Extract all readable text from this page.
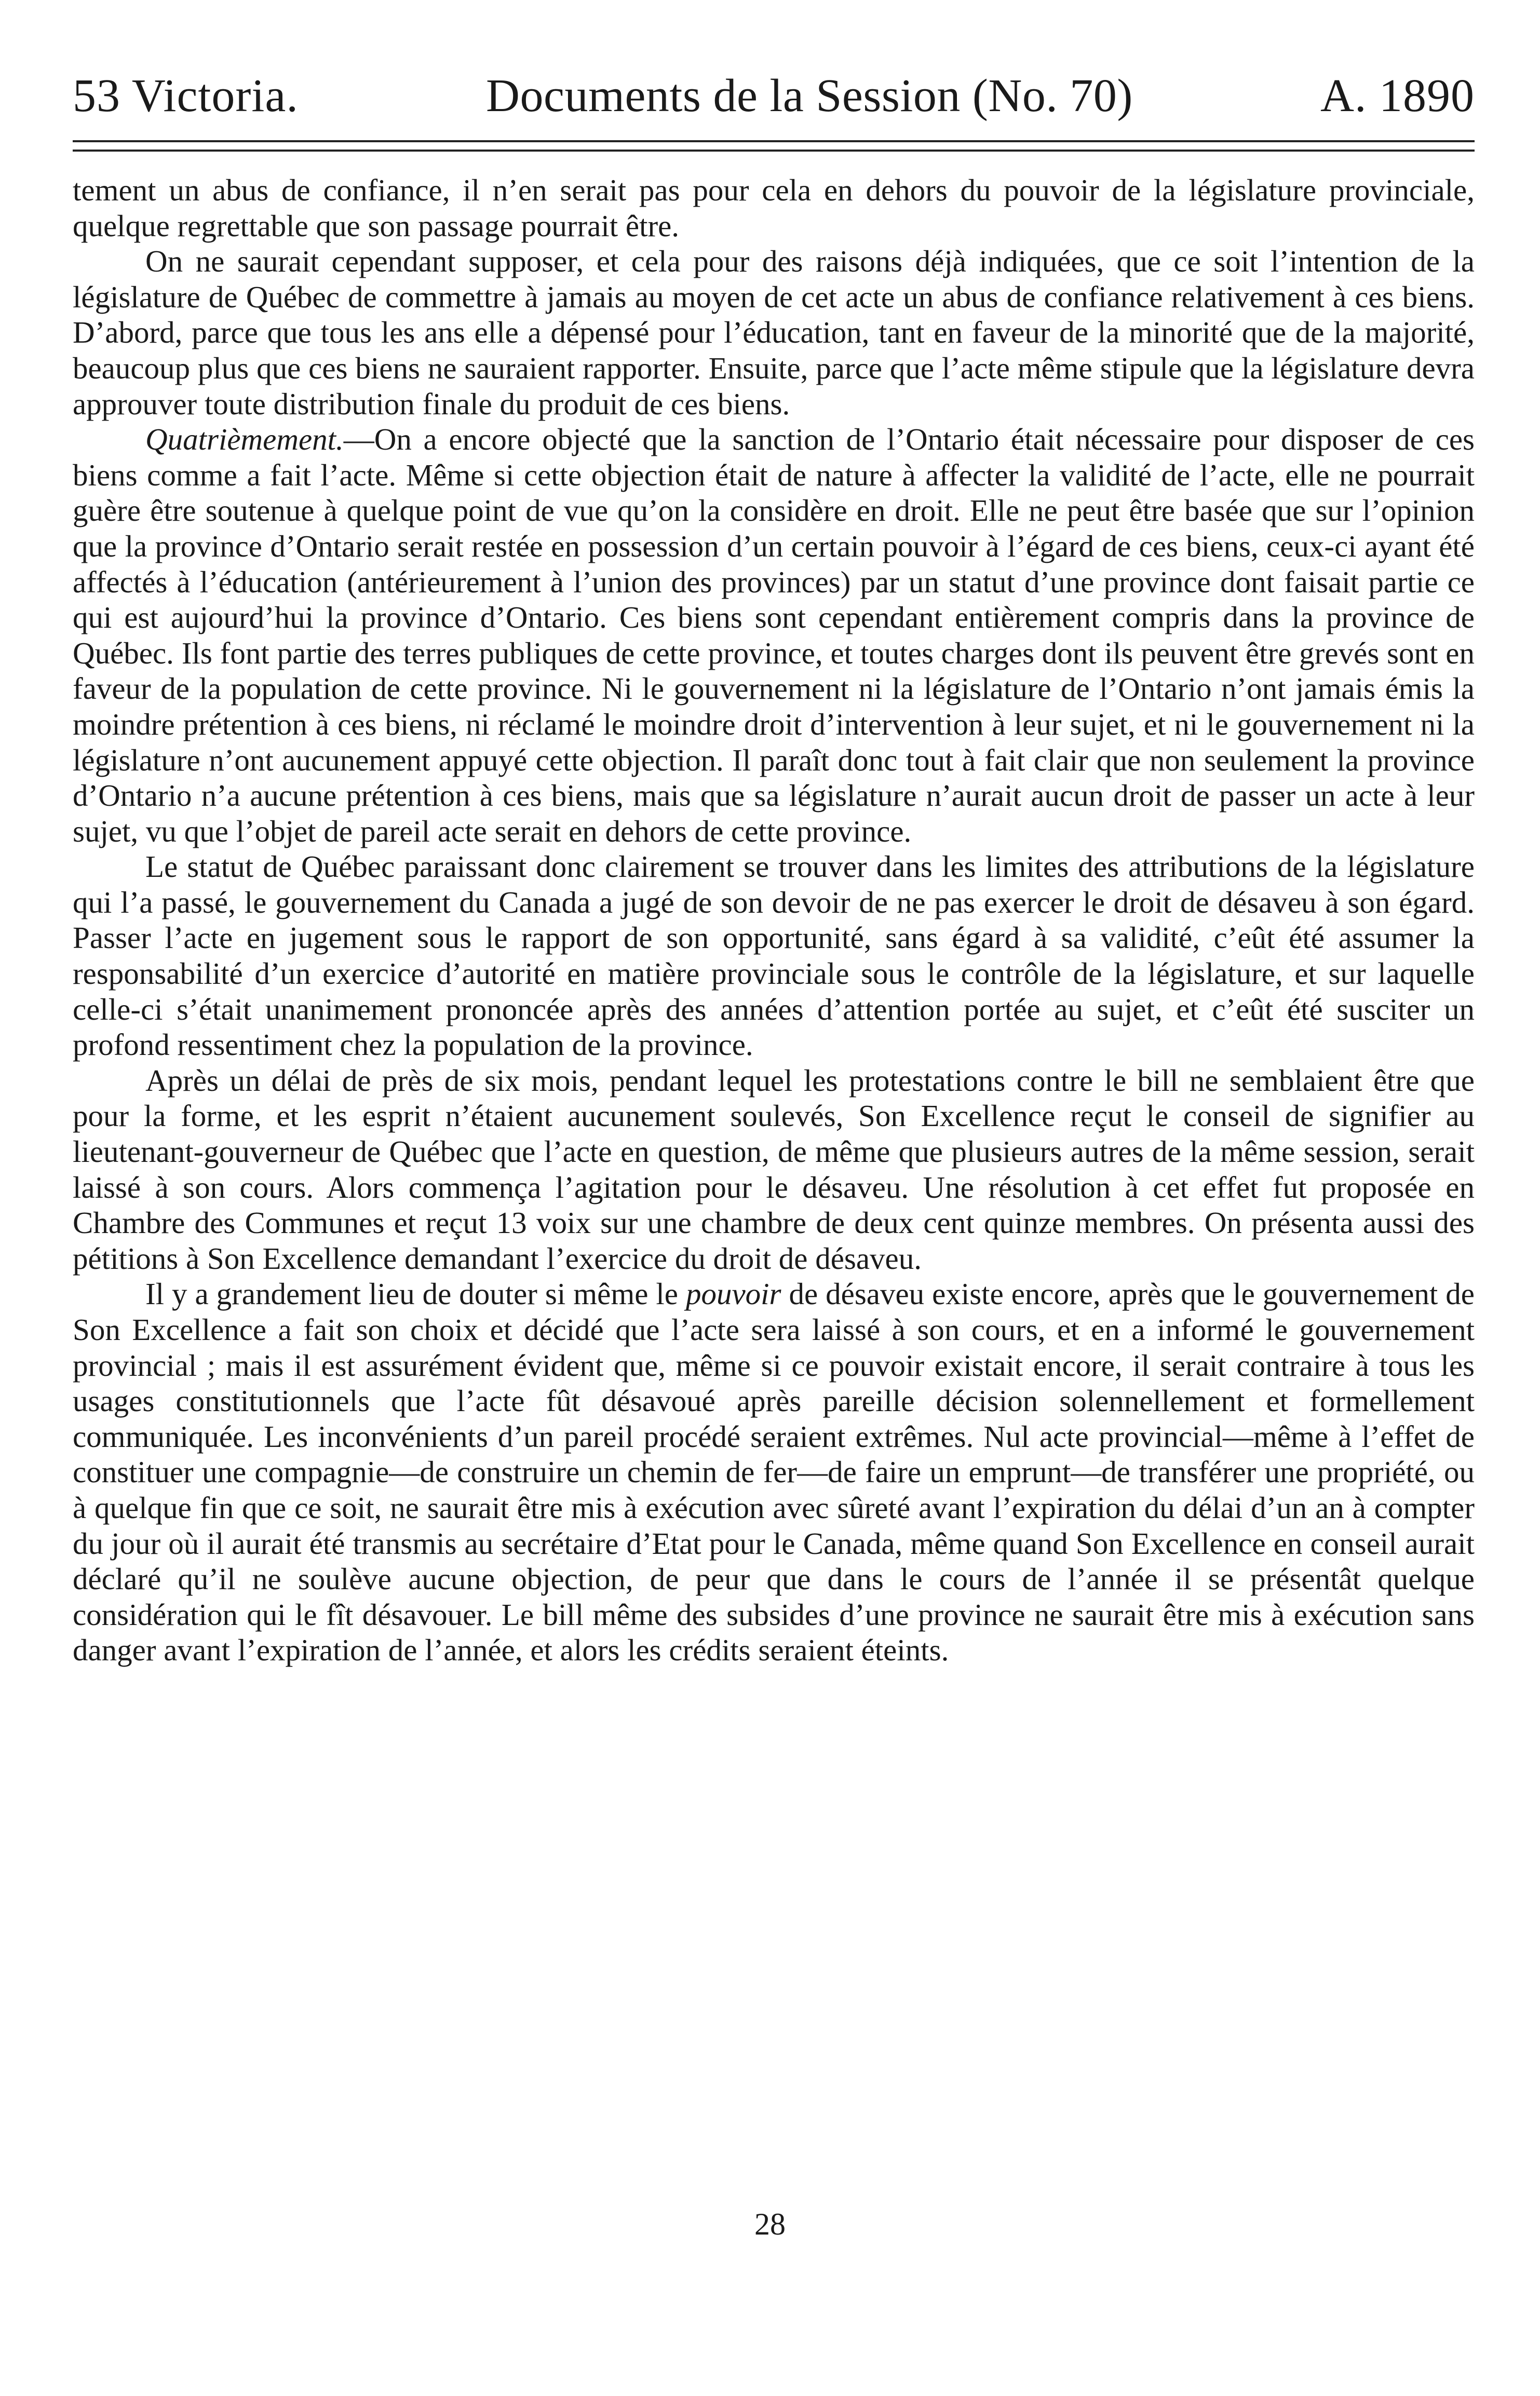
53 Victoria.	Documents de la Session (No. 70)	A. 1890

tement un abus de confiance, il n’en serait pas pour cela en dehors du pouvoir de la législature provinciale, quelque regrettable que son passage pourrait être.

On ne saurait cependant supposer, et cela pour des raisons déjà indiquées, que ce soit l’intention de la législature de Québec de commettre à jamais au moyen de cet acte un abus de confiance relativement à ces biens. D’abord, parce que tous les ans elle a dépensé pour l’éducation, tant en faveur de la minorité que de la majorité, beaucoup plus que ces biens ne sauraient rapporter. Ensuite, parce que l’acte même stipule que la législature devra approuver toute distribution finale du produit de ces biens.

Quatrièmement.—On a encore objecté que la sanction de l’Ontario était nécessaire pour disposer de ces biens comme a fait l’acte. Même si cette objection était de nature à affecter la validité de l’acte, elle ne pourrait guère être soutenue à quelque point de vue qu’on la considère en droit. Elle ne peut être basée que sur l’opinion que la province d’Ontario serait restée en possession d’un certain pouvoir à l’égard de ces biens, ceux-ci ayant été affectés à l’éducation (antérieurement à l’union des provinces) par un statut d’une province dont faisait partie ce qui est aujourd’hui la province d’Ontario. Ces biens sont cependant entièrement compris dans la province de Québec. Ils font partie des terres publiques de cette province, et toutes charges dont ils peuvent être grevés sont en faveur de la population de cette province. Ni le gouvernement ni la législature de l’Ontario n’ont jamais émis la moindre prétention à ces biens, ni réclamé le moindre droit d’intervention à leur sujet, et ni le gouvernement ni la législature n’ont aucunement appuyé cette objection. Il paraît donc tout à fait clair que non seulement la province d’Ontario n’a aucune prétention à ces biens, mais que sa législature n’aurait aucun droit de passer un acte à leur sujet, vu que l’objet de pareil acte serait en dehors de cette province.

Le statut de Québec paraissant donc clairement se trouver dans les limites des attributions de la législature qui l’a passé, le gouvernement du Canada a jugé de son devoir de ne pas exercer le droit de désaveu à son égard. Passer l’acte en jugement sous le rapport de son opportunité, sans égard à sa validité, c’eût été assumer la responsabilité d’un exercice d’autorité en matière provinciale sous le contrôle de la législature, et sur laquelle celle-ci s’était unanimement prononcée après des années d’attention portée au sujet, et c’eût été susciter un profond ressentiment chez la population de la province.

Après un délai de près de six mois, pendant lequel les protestations contre le bill ne semblaient être que pour la forme, et les esprit n’étaient aucunement soulevés, Son Excellence reçut le conseil de signifier au lieutenant-gouverneur de Québec que l’acte en question, de même que plusieurs autres de la même session, serait laissé à son cours. Alors commença l’agitation pour le désaveu. Une résolution à cet effet fut proposée en Chambre des Communes et reçut 13 voix sur une chambre de deux cent quinze membres. On présenta aussi des pétitions à Son Excellence demandant l’exercice du droit de désaveu.

Il y a grandement lieu de douter si même le pouvoir de désaveu existe encore, après que le gouvernement de Son Excellence a fait son choix et décidé que l’acte sera laissé à son cours, et en a informé le gouvernement provincial ; mais il est assurément évident que, même si ce pouvoir existait encore, il serait contraire à tous les usages constitutionnels que l’acte fût désavoué après pareille décision solennellement et formellement communiquée. Les inconvénients d’un pareil procédé seraient extrêmes. Nul acte provincial—même à l’effet de constituer une compagnie—de construire un chemin de fer—de faire un emprunt—de transférer une propriété, ou à quelque fin que ce soit, ne saurait être mis à exécution avec sûreté avant l’expiration du délai d’un an à compter du jour où il aurait été transmis au secrétaire d’Etat pour le Canada, même quand Son Excellence en conseil aurait déclaré qu’il ne soulève aucune objection, de peur que dans le cours de l’année il se présentât quelque considération qui le fît désavouer. Le bill même des subsides d’une province ne saurait être mis à exécution sans danger avant l’expiration de l’année, et alors les crédits seraient éteints.

28
